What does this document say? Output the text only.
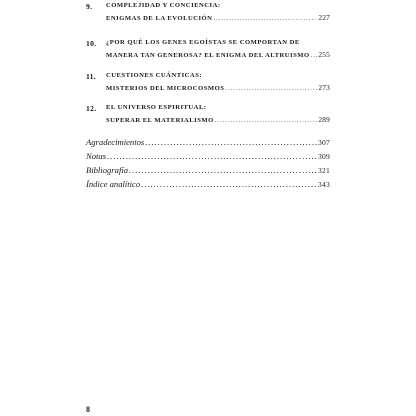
9.	COMPLEJIDAD Y CONCIENCIA:
ENIGMAS DE LA EVOLUCIÓN .....	227
10.	¿POR QUÉ LOS GENES EGOÍSTAS SE COMPORTAN DE
MANERA TAN GENEROSA? EL ENIGMA DEL ALTRUISMO ..... 255
11.	CUESTIONES CUÁNTICAS:
MISTERIOS DEL MICROCOSMOS .....	273
12.	EL UNIVERSO ESPIRITUAL:
SUPERAR EL MATERIALISMO .....	289
Agradecimientos .....	307
Notas .....	309
Bibliografía .....	321
Índice analítico .....	343
8
